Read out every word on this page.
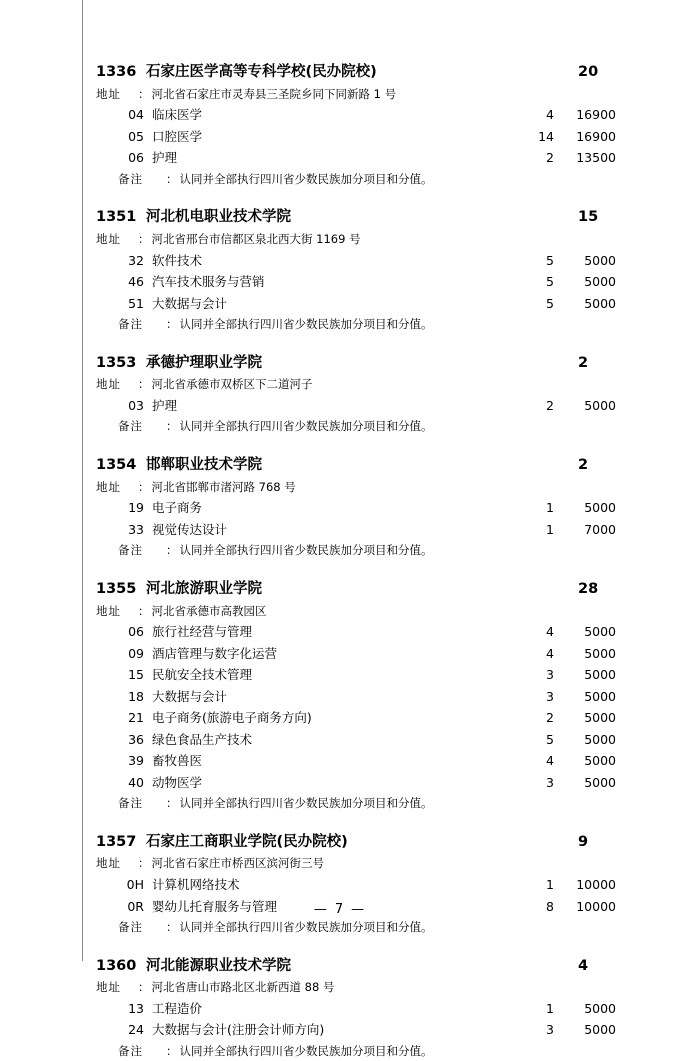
1336 石家庄医学高等专科学校(民办院校)	20
地址	： 河北省石家庄市灵寿县三圣院乡同下同新路 1 号
04 临床医学	4	16900
05 口腔医学	14	16900
06 护理	2	13500
备注	： 认同并全部执行四川省少数民族加分项目和分值。
1351 河北机电职业技术学院	15
地址	： 河北省邢台市信都区泉北西大街 1169 号
32 软件技术	5	5000
46 汽车技术服务与营销	5	5000
51 大数据与会计	5	5000
备注	： 认同并全部执行四川省少数民族加分项目和分值。
1353 承德护理职业学院	2
地址	： 河北省承德市双桥区下二道河子
03 护理	2	5000
备注	： 认同并全部执行四川省少数民族加分项目和分值。
1354 邯郸职业技术学院	2
地址	： 河北省邯郸市渚河路 768 号
19 电子商务	1	5000
33 视觉传达设计	1	7000
备注	： 认同并全部执行四川省少数民族加分项目和分值。
1355 河北旅游职业学院	28
地址	： 河北省承德市高教园区
06 旅行社经营与管理	4	5000
09 酒店管理与数字化运营	4	5000
15 民航安全技术管理	3	5000
18 大数据与会计	3	5000
21 电子商务(旅游电子商务方向)	2	5000
36 绿色食品生产技术	5	5000
39 畜牧兽医	4	5000
40 动物医学	3	5000
备注	： 认同并全部执行四川省少数民族加分项目和分值。
1357 石家庄工商职业学院(民办院校)	9
地址	： 河北省石家庄市桥西区滨河街三号
0H 计算机网络技术	1	10000
0R 婴幼儿托育服务与管理	8	10000
备注	： 认同并全部执行四川省少数民族加分项目和分值。
1360 河北能源职业技术学院	4
地址	： 河北省唐山市路北区北新西道 88 号
13 工程造价	1	5000
24 大数据与会计(注册会计师方向)	3	5000
备注	： 认同并全部执行四川省少数民族加分项目和分值。
— 7 —
